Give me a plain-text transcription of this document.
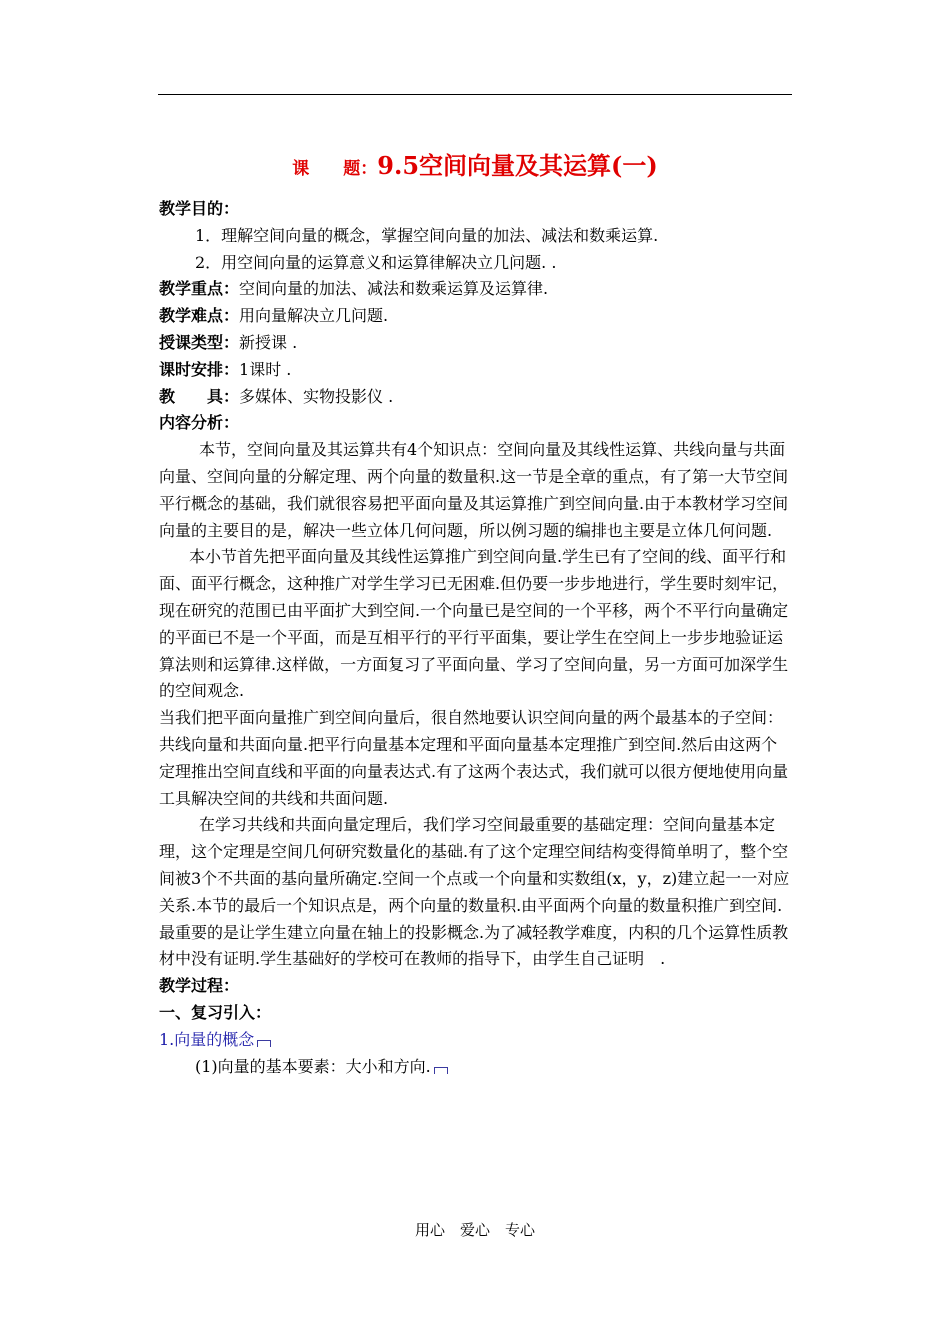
课　　题：9.5空间向量及其运算(一)

教学目的：

1．理解空间向量的概念，掌握空间向量的加法、减法和数乘运算.

2．用空间向量的运算意义和运算律解决立几问题. .

教学重点：空间向量的加法、减法和数乘运算及运算律.

教学难点：用向量解决立几问题.

授课类型：新授课 .

课时安排：1课时 .

教　　具：多媒体、实物投影仪 .

内容分析：

本节，空间向量及其运算共有4个知识点：空间向量及其线性运算、共线向量与共面向量、空间向量的分解定理、两个向量的数量积.这一节是全章的重点，有了第一大节空间平行概念的基础，我们就很容易把平面向量及其运算推广到空间向量.由于本教材学习空间向量的主要目的是，解决一些立体几何问题，所以例习题的编排也主要是立体几何问题.

本小节首先把平面向量及其线性运算推广到空间向量.学生已有了空间的线、面平行和面、面平行概念，这种推广对学生学习已无困难.但仍要一步步地进行，学生要时刻牢记，现在研究的范围已由平面扩大到空间.一个向量已是空间的一个平移，两个不平行向量确定的平面已不是一个平面，而是互相平行的平行平面集，要让学生在空间上一步步地验证运算法则和运算律.这样做，一方面复习了平面向量、学习了空间向量，另一方面可加深学生的空间观念.

当我们把平面向量推广到空间向量后，很自然地要认识空间向量的两个最基本的子空间：共线向量和共面向量.把平行向量基本定理和平面向量基本定理推广到空间.然后由这两个定理推出空间直线和平面的向量表达式.有了这两个表达式，我们就可以很方便地使用向量工具解决空间的共线和共面问题.

在学习共线和共面向量定理后，我们学习空间最重要的基础定理：空间向量基本定理，这个定理是空间几何研究数量化的基础.有了这个定理空间结构变得简单明了，整个空间被3个不共面的基向量所确定.空间一个点或一个向量和实数组(x，y，z)建立起一一对应关系.本节的最后一个知识点是，两个向量的数量积.由平面两个向量的数量积推广到空间.最重要的是让学生建立向量在轴上的投影概念.为了减轻教学难度，内积的几个运算性质教材中没有证明.学生基础好的学校可在教师的指导下，由学生自己证明　.

教学过程：

一、复习引入：

1.向量的概念

(1)向量的基本要素：大小和方向.

用心　爱心　专心
